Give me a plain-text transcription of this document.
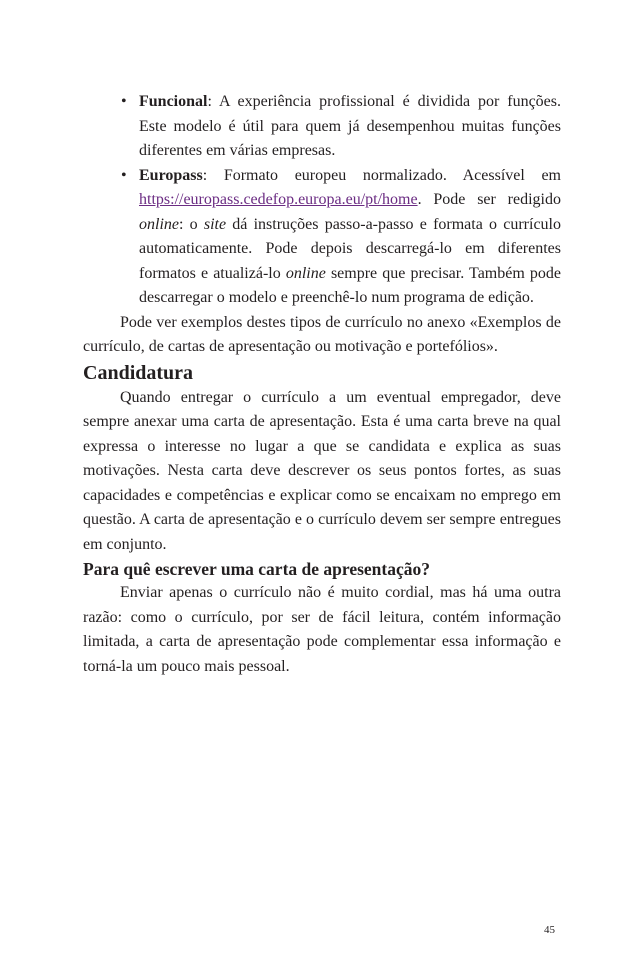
• Funcional: A experiência profissional é dividida por funções. Este modelo é útil para quem já desempenhou muitas funções diferentes em várias empresas.
• Europass: Formato europeu normalizado. Acessível em https://europass.cedefop.europa.eu/pt/home. Pode ser redigido online: o site dá instruções passo-a-passo e formata o currículo automaticamente. Pode depois descarregá-lo em diferentes formatos e atualizá-lo online sempre que precisar. Também pode descarregar o modelo e preenchê-lo num programa de edição.

Pode ver exemplos destes tipos de currículo no anexo «Exemplos de currículo, de cartas de apresentação ou motivação e portefólios».

Candidatura

Quando entregar o currículo a um eventual empregador, deve sempre anexar uma carta de apresentação. Esta é uma carta breve na qual expressa o interesse no lugar a que se candidata e explica as suas motivações. Nesta carta deve descrever os seus pontos fortes, as suas capacidades e competências e explicar como se encaixam no emprego em questão. A carta de apresentação e o currículo devem ser sempre entregues em conjunto.

Para quê escrever uma carta de apresentação?

Enviar apenas o currículo não é muito cordial, mas há uma outra razão: como o currículo, por ser de fácil leitura, contém informação limitada, a carta de apresentação pode complementar essa informação e torná-la um pouco mais pessoal.

45
